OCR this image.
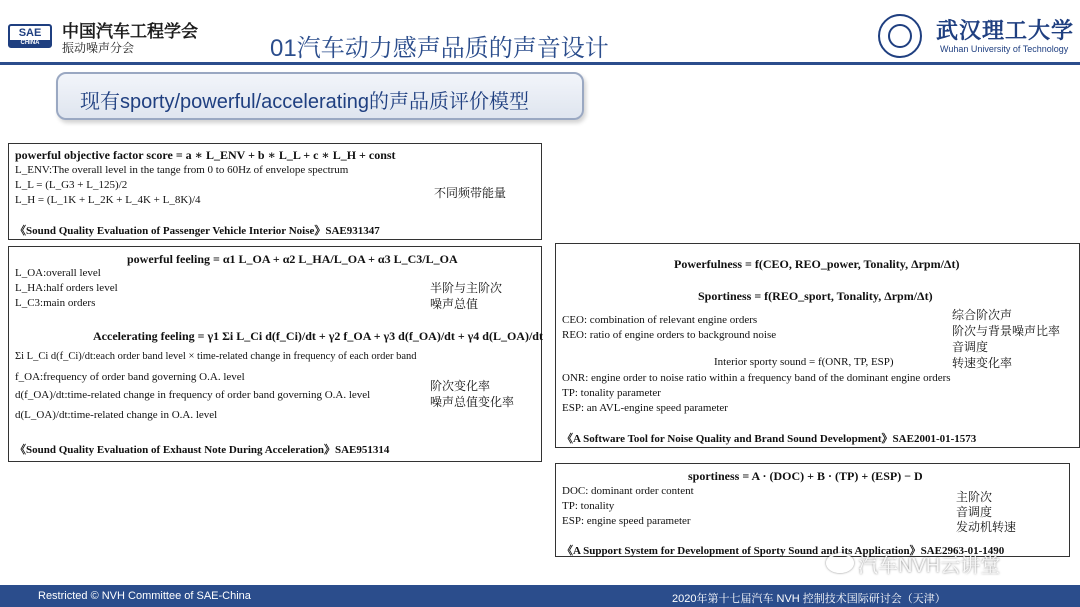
SAE
CHINA
中国汽车工程学会
振动噪声分会	01汽车动力感声品质的声音设计
武汉理工大学
Wuhan University of Technology
现有sporty/powerful/accelerating的声品质评价模型
powerful objective factor score = a ∗ L_ENV + b ∗ L_L + c ∗ L_H + const
L_ENV:The overall level in the tange from 0 to 60Hz of envelope spectrum
L_L = (L_G3 + L_125)/2
L_H = (L_1K + L_2K + L_4K + L_8K)/4
《Sound Quality Evaluation of Passenger Vehicle Interior Noise》SAE931347
不同频带能量
powerful feeling = α1 L_OA + α2 L_HA/L_OA + α3 L_C3/L_OA
L_OA:overall level
L_HA:half orders level
L_C3:main orders
Accelerating feeling = γ1 Σi L_Ci d(f_Ci)/dt + γ2 f_OA + γ3 d(f_OA)/dt + γ4 d(L_OA)/dt
Σi L_Ci d(f_Ci)/dt:each order band level × time-related change in frequency of each order band
f_OA:frequency of order band governing O.A. level
d(f_OA)/dt:time-related change in frequency of order band governing O.A. level
d(L_OA)/dt:time-related change in O.A. level
《Sound Quality Evaluation of Exhaust Note During Acceleration》SAE951314
半阶与主阶次
噪声总值
阶次变化率
噪声总值变化率
Powerfulness = f(CEO, REO_power, Tonality, Δrpm/Δt)
Sportiness = f(REO_sport, Tonality, Δrpm/Δt)
CEO: combination of relevant engine orders
REO: ratio of engine orders to background noise
Interior sporty sound = f(ONR, TP, ESP)
ONR: engine order to noise ratio within a frequency band of the dominant engine orders
TP: tonality parameter
ESP: an AVL-engine speed parameter
《A Software Tool for Noise Quality and Brand Sound Development》SAE2001-01-1573
综合阶次声
阶次与背景噪声比率
音调度
转速变化率
sportiness = A · (DOC) + B · (TP) + (ESP) − D
DOC: dominant order content
TP: tonality
ESP: engine speed parameter
《A Support System for Development of Sporty Sound and its Application》SAE2963-01-1490
主阶次
音调度
发动机转速
Restricted © NVH Committee of SAE-China	2020年第十七届汽车 NVH 控制技术国际研讨会（天津）
汽车NVH云讲堂
